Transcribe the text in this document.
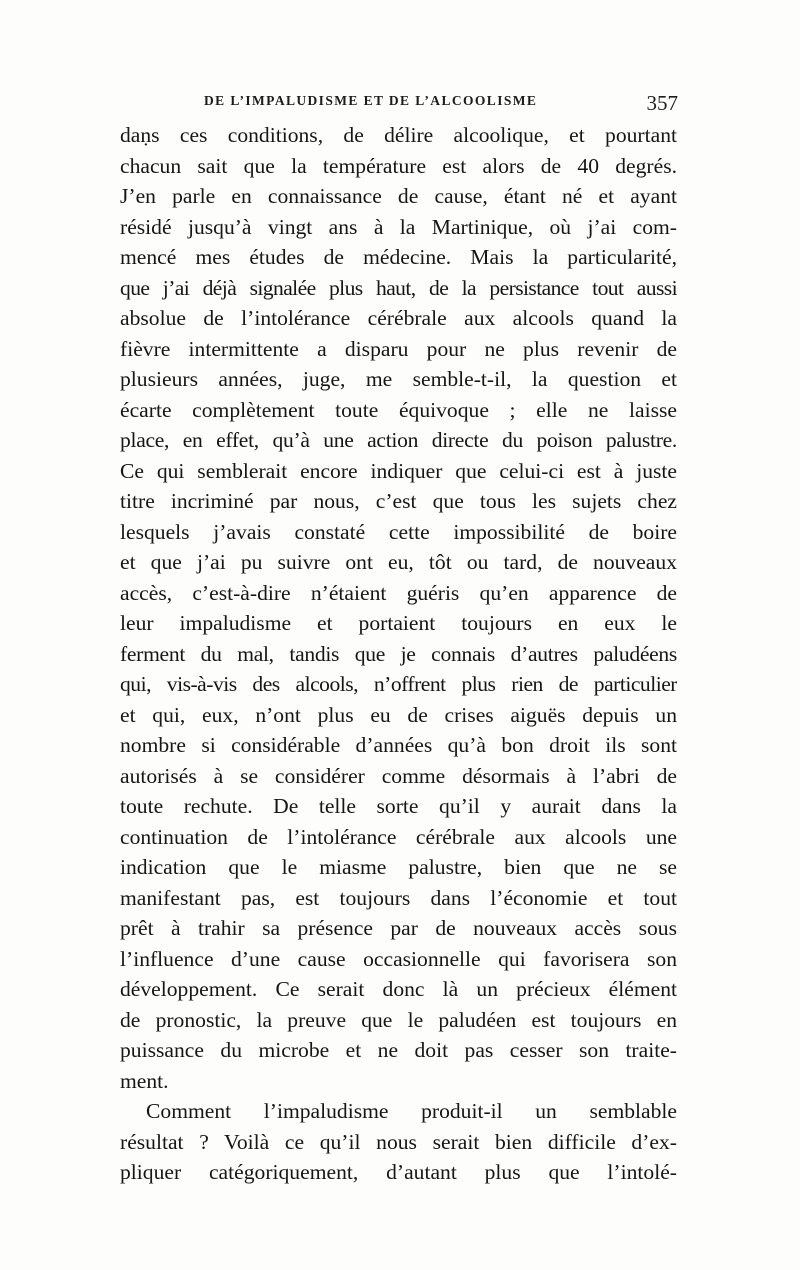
DE L’IMPALUDISME ET DE L’ALCOOLISME	357
daṇs ces conditions, de délire alcoolique, et pourtant
chacun sait que la température est alors de 40 degrés.
J’en parle en connaissance de cause, étant né et ayant
résidé jusqu’à vingt ans à la Martinique, où j’ai com-
mencé mes études de médecine. Mais la particularité,
que j’ai déjà signalée plus haut, de la persistance tout aussi
absolue de l’intolérance cérébrale aux alcools quand la
fièvre intermittente a disparu pour ne plus revenir de
plusieurs années, juge, me semble-t-il, la question et
écarte complètement toute équivoque ; elle ne laisse
place, en effet, qu’à une action directe du poison palustre.
Ce qui semblerait encore indiquer que celui-ci est à juste
titre incriminé par nous, c’est que tous les sujets chez
lesquels j’avais constaté cette impossibilité de boire
et que j’ai pu suivre ont eu, tôt ou tard, de nouveaux
accès, c’est-à-dire n’étaient guéris qu’en apparence de
leur impaludisme et portaient toujours en eux le
ferment du mal, tandis que je connais d’autres paludéens
qui, vis-à-vis des alcools, n’offrent plus rien de particulier
et qui, eux, n’ont plus eu de crises aiguës depuis un
nombre si considérable d’années qu’à bon droit ils sont
autorisés à se considérer comme désormais à l’abri de
toute rechute. De telle sorte qu’il y aurait dans la
continuation de l’intolérance cérébrale aux alcools une
indication que le miasme palustre, bien que ne se
manifestant pas, est toujours dans l’économie et tout
prêt à trahir sa présence par de nouveaux accès sous
l’influence d’une cause occasionnelle qui favorisera son
développement. Ce serait donc là un précieux élément
de pronostic, la preuve que le paludéen est toujours en
puissance du microbe et ne doit pas cesser son traite-
ment.
Comment l’impaludisme produit-il un semblable
résultat ? Voilà ce qu’il nous serait bien difficile d’ex-
pliquer catégoriquement, d’autant plus que l’intolé-
